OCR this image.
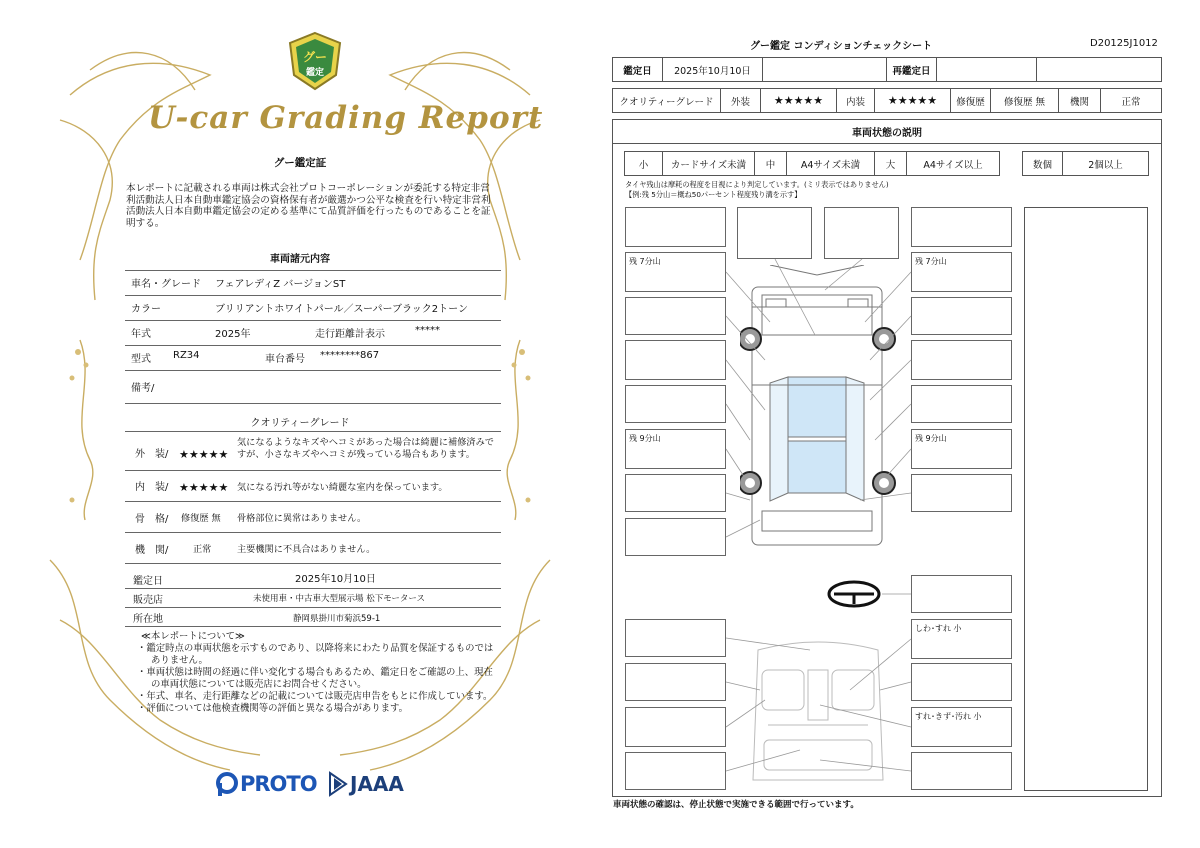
グー
鑑定
U-car Grading Report
グー鑑定証
本レポートに記載される車両は株式会社プロトコーポレーションが委託する特定非営利活動法人日本自動車鑑定協会の資格保有者が厳選かつ公平な検査を行い特定非営利活動法人日本自動車鑑定協会の定める基準にて品質評価を行ったものであることを証明する。
車両諸元内容
車名・グレード フェアレディZ バージョンST
カラー	ブリリアントホワイトパール／スーパーブラック2トーン
年式	2025年	走行距離計表示	*****
型式 RZ34	車台番号 ********867
備考/
クオリティーグレード
外　装/ ★★★★★
気になるようなキズやヘコミがあった場合は綺麗に補修済みですが、小さなキズやヘコミが残っている場合もあります。
内　装/ ★★★★★ 気になる汚れ等がない綺麗な室内を保っています。
骨　格/ 修復歴 無 骨格部位に異常はありません。
機　関/	正常	主要機関に不具合はありません。
鑑定日	2025年10月10日
販売店	未使用車・中古車大型展示場 松下モータース
所在地	静岡県掛川市菊浜59-1
≪本レポートについて≫
・鑑定時点の車両状態を示すものであり、以降将来にわたり品質を保証するものではありません。
・車両状態は時間の経過に伴い変化する場合もあるため、鑑定日をご確認の上、現在の車両状態については販売店にお問合せください。
・年式、車名、走行距離などの記載については販売店申告をもとに作成しています。
・評価については他検査機関等の評価と異なる場合があります。
PROTO JAAA
グー鑑定 コンディションチェックシート	D20125J1012
鑑定日	2025年10月10日	再鑑定日
クオリティーグレード	外装	★★★★★	内装	★★★★★	修復歴	修復歴 無	機関	正常
車両状態の説明
小	カードサイズ未満	中	A4サイズ未満	大	A4サイズ以上	数個	2個以上
タイヤ残山は摩耗の程度を目視により判定しています。(ミリ表示ではありません)
【例:残 5分山＝概ね50パーセント程度残り溝を示す】
残 7分山
残 9分山
残 7分山
残 9分山
しわ･すれ 小
すれ･きず･汚れ 小
車両状態の確認は、停止状態で実施できる範囲で行っています。
